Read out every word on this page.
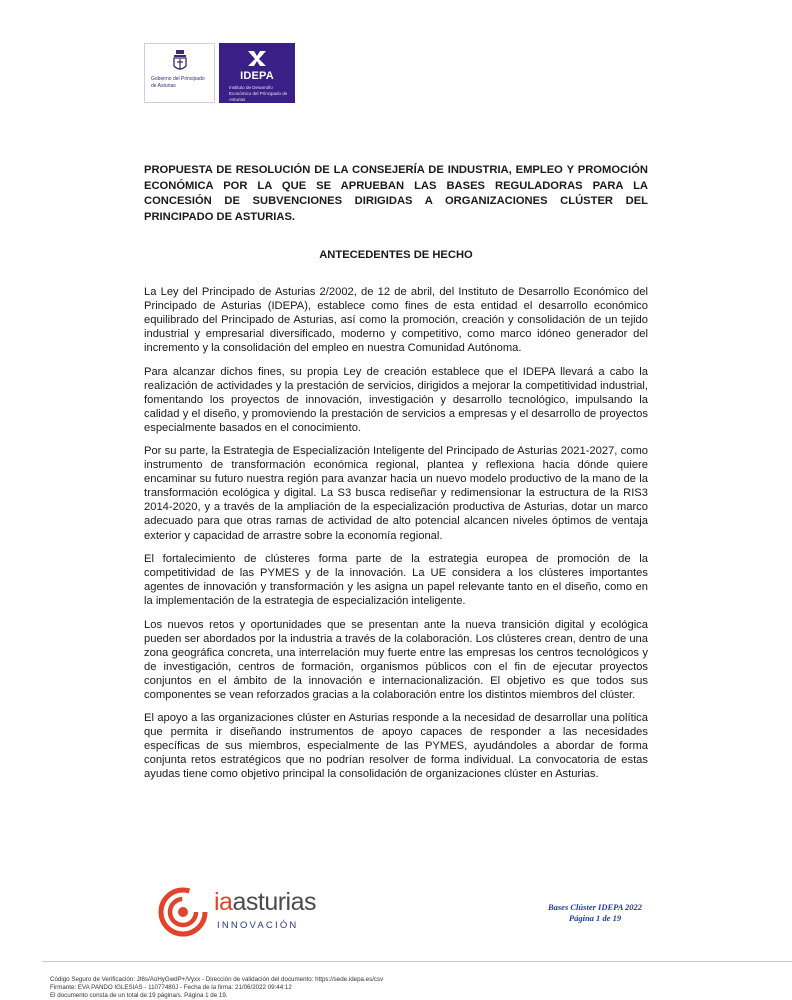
Gobierno del Principado de Asturias
IDEPA
Instituto de Desarrollo Económico del Principado de Asturias

PROPUESTA DE RESOLUCIÓN DE LA CONSEJERÍA DE INDUSTRIA, EMPLEO Y PROMOCIÓN ECONÓMICA POR LA QUE SE APRUEBAN LAS BASES REGULADORAS PARA LA CONCESIÓN DE SUBVENCIONES DIRIGIDAS A ORGANIZACIONES CLÚSTER DEL PRINCIPADO DE ASTURIAS.

ANTECEDENTES DE HECHO

La Ley del Principado de Asturias 2/2002, de 12 de abril, del Instituto de Desarrollo Económico del Principado de Asturias (IDEPA), establece como fines de esta entidad el desarrollo económico equilibrado del Principado de Asturias, así como la promoción, creación y consolidación de un tejido industrial y empresarial diversificado, moderno y competitivo, como marco idóneo generador del incremento y la consolidación del empleo en nuestra Comunidad Autónoma.

Para alcanzar dichos fines, su propia Ley de creación establece que el IDEPA llevará a cabo la realización de actividades y la prestación de servicios, dirigidos a mejorar la competitividad industrial, fomentando los proyectos de innovación, investigación y desarrollo tecnológico, impulsando la calidad y el diseño, y promoviendo la prestación de servicios a empresas y el desarrollo de proyectos especialmente basados en el conocimiento.

Por su parte, la Estrategia de Especialización Inteligente del Principado de Asturias 2021-2027, como instrumento de transformación económica regional, plantea y reflexiona hacia dónde quiere encaminar su futuro nuestra región para avanzar hacia un nuevo modelo productivo de la mano de la transformación ecológica y digital. La S3 busca rediseñar y redimensionar la estructura de la RIS3 2014-2020, y a través de la ampliación de la especialización productiva de Asturias, dotar un marco adecuado para que otras ramas de actividad de alto potencial alcancen niveles óptimos de ventaja exterior y capacidad de arrastre sobre la economía regional.

El fortalecimiento de clústeres forma parte de la estrategia europea de promoción de la competitividad de las PYMES y de la innovación. La UE considera a los clústeres importantes agentes de innovación y transformación y les asigna un papel relevante tanto en el diseño, como en la implementación de la estrategia de especialización inteligente.

Los nuevos retos y oportunidades que se presentan ante la nueva transición digital y ecológica pueden ser abordados por la industria a través de la colaboración. Los clústeres crean, dentro de una zona geográfica concreta, una interrelación muy fuerte entre las empresas los centros tecnológicos y de investigación, centros de formación, organismos públicos con el fin de ejecutar proyectos conjuntos en el ámbito de la innovación e internacionalización. El objetivo es que todos sus componentes se vean reforzados gracias a la colaboración entre los distintos miembros del clúster.

El apoyo a las organizaciones clúster en Asturias responde a la necesidad de desarrollar una política que permita ir diseñando instrumentos de apoyo capaces de responder a las necesidades específicas de sus miembros, especialmente de las PYMES, ayudándoles a abordar de forma conjunta retos estratégicos que no podrían resolver de forma individual. La convocatoria de estas ayudas tiene como objetivo principal la consolidación de organizaciones clúster en Asturias.

iaasturias
INNOVACIÓN
Bases Clúster IDEPA 2022
Página 1 de 19
Código Seguro de Verificación: Jt6s/AoHyGwdP+/Vyxx - Dirección de validación del documento: https://sede.idepa.es/csv
Firmante: EVA PANDO IGLESIAS - 11077480J - Fecha de la firma: 21/06/2022 09:44:12
El documento consta de un total de:19 página/s. Página 1 de 19.
